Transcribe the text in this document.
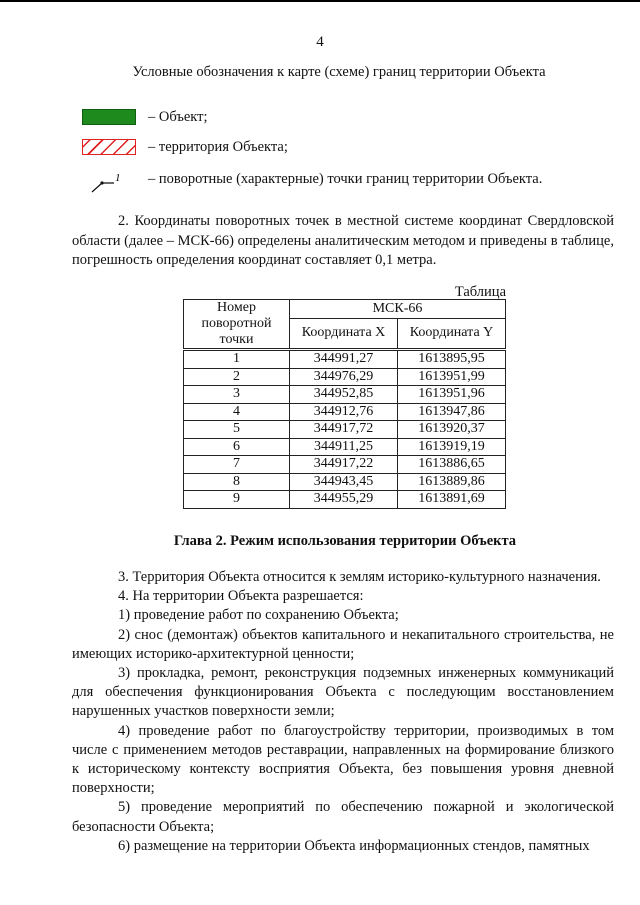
4
Условные обозначения к карте (схеме) границ территории Объекта
– Объект;
– территория Объекта;
1 – поворотные (характерные) точки границ территории Объекта.
2. Координаты поворотных точек в местной системе координат Свердловской области (далее – МСК-66) определены аналитическим методом и приведены в таблице, погрешность определения координат составляет 0,1 метра.
Таблица
Номер поворотной точки	МСК-66	
	Координата X	Координата Y
1	344991,27	1613895,95
2	344976,29	1613951,99
3	344952,85	1613951,96
4	344912,76	1613947,86
5	344917,72	1613920,37
6	344911,25	1613919,19
7	344917,22	1613886,65
8	344943,45	1613889,86
9	344955,29	1613891,69
Глава 2. Режим использования территории Объекта

3. Территория Объекта относится к землям историко-культурного назначения.

4. На территории Объекта разрешается:

1) проведение работ по сохранению Объекта;

2) снос (демонтаж) объектов капитального и некапитального строительства, не имеющих историко-архитектурной ценности;

3) прокладка, ремонт, реконструкция подземных инженерных коммуникаций для обеспечения функционирования Объекта с последующим восстановлением нарушенных участков поверхности земли;

4) проведение работ по благоустройству территории, производимых в том числе с применением методов реставрации, направленных на формирование близкого к историческому контексту восприятия Объекта, без повышения уровня дневной поверхности;

5) проведение мероприятий по обеспечению пожарной и экологической безопасности Объекта;

6) размещение на территории Объекта информационных стендов, памятных
